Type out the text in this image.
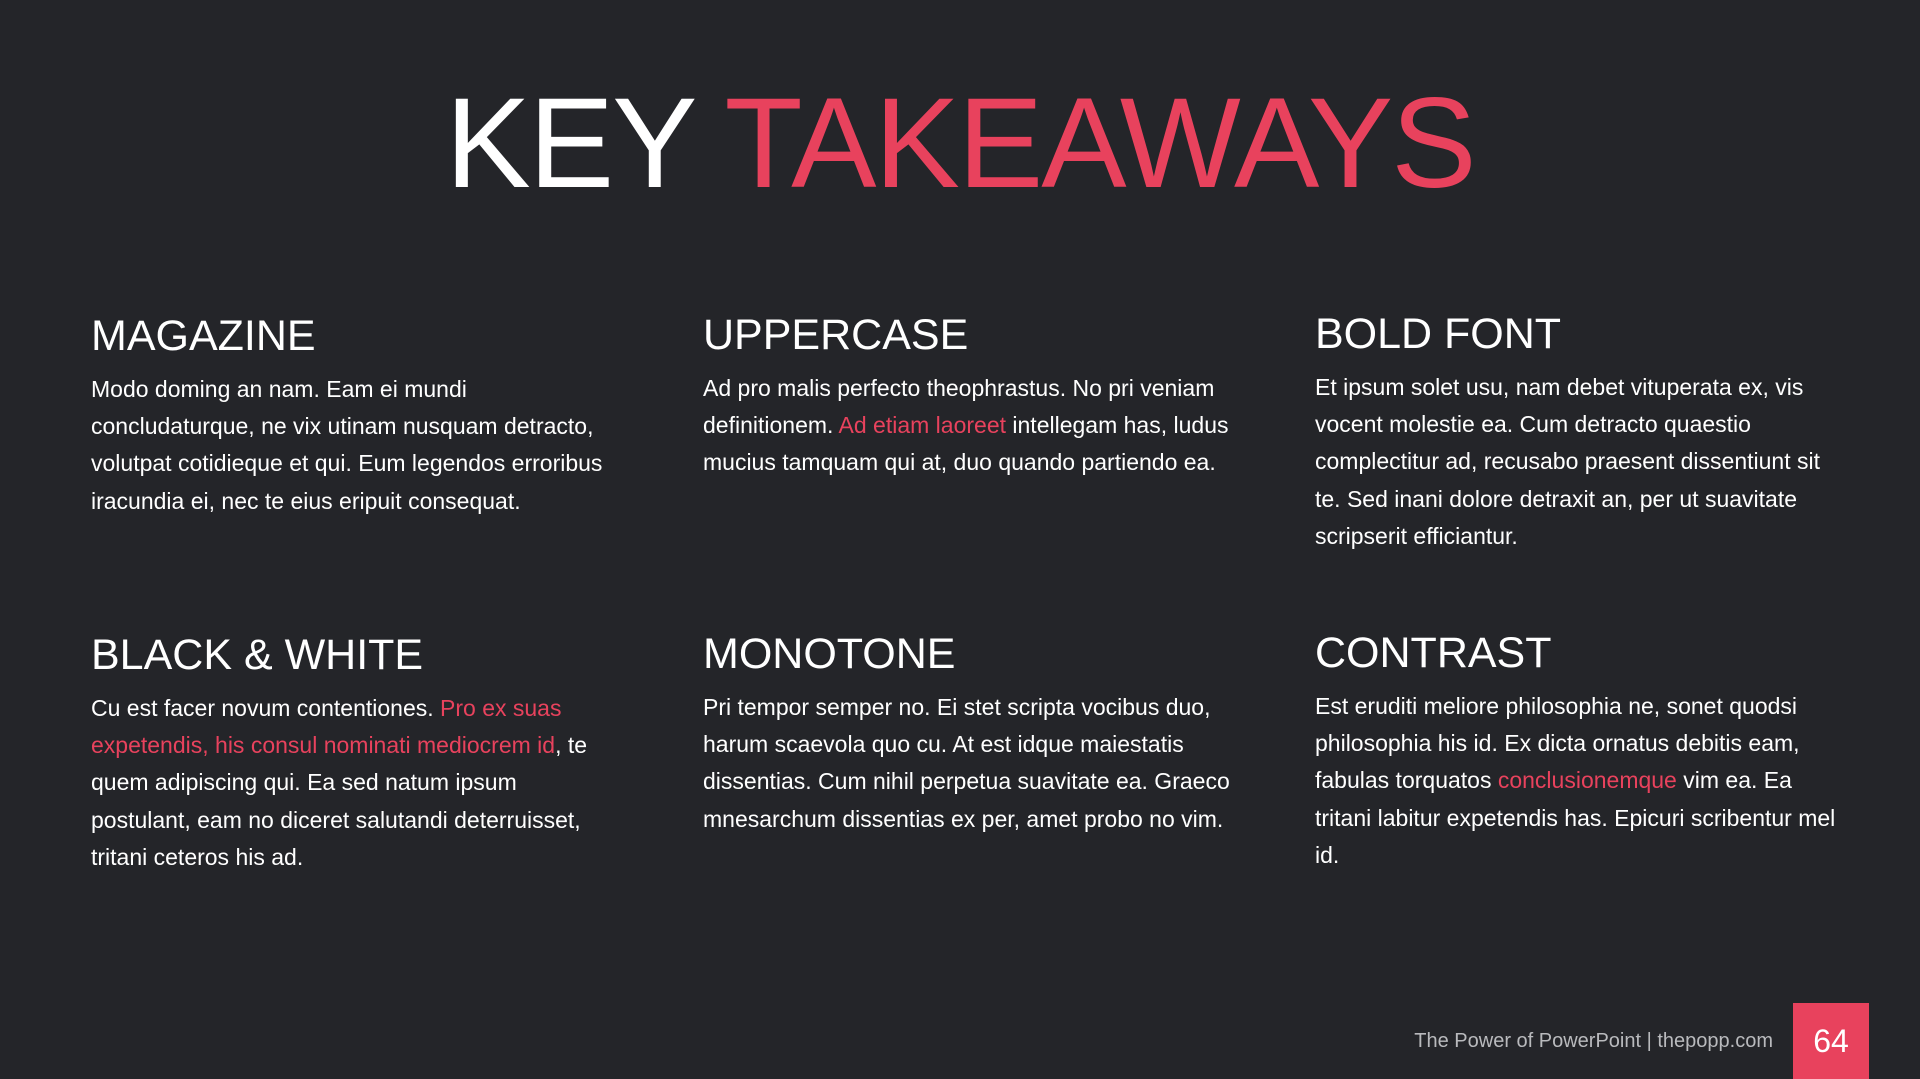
KEY TAKEAWAYS
MAGAZINE

Modo doming an nam. Eam ei mundi concludaturque, ne vix utinam nusquam detracto, volutpat cotidieque et qui. Eum legendos erroribus iracundia ei, nec te eius eripuit consequat.

UPPERCASE

Ad pro malis perfecto theophrastus. No pri veniam definitionem. Ad etiam laoreet intellegam has, ludus mucius tamquam qui at, duo quando partiendo ea.

BOLD FONT

Et ipsum solet usu, nam debet vituperata ex, vis vocent molestie ea. Cum detracto quaestio complectitur ad, recusabo praesent dissentiunt sit te. Sed inani dolore detraxit an, per ut suavitate scripserit efficiantur.

BLACK & WHITE

Cu est facer novum contentiones. Pro ex suas expetendis, his consul nominati mediocrem id, te quem adipiscing qui. Ea sed natum ipsum postulant, eam no diceret salutandi deterruisset, tritani ceteros his ad.

MONOTONE

Pri tempor semper no. Ei stet scripta vocibus duo, harum scaevola quo cu. At est idque maiestatis dissentias. Cum nihil perpetua suavitate ea. Graeco mnesarchum dissentias ex per, amet probo no vim.

CONTRAST

Est eruditi meliore philosophia ne, sonet quodsi philosophia his id. Ex dicta ornatus debitis eam, fabulas torquatos conclusionemque vim ea. Ea tritani labitur expetendis has. Epicuri scribentur mel id.

The Power of PowerPoint | thepopp.com	64
